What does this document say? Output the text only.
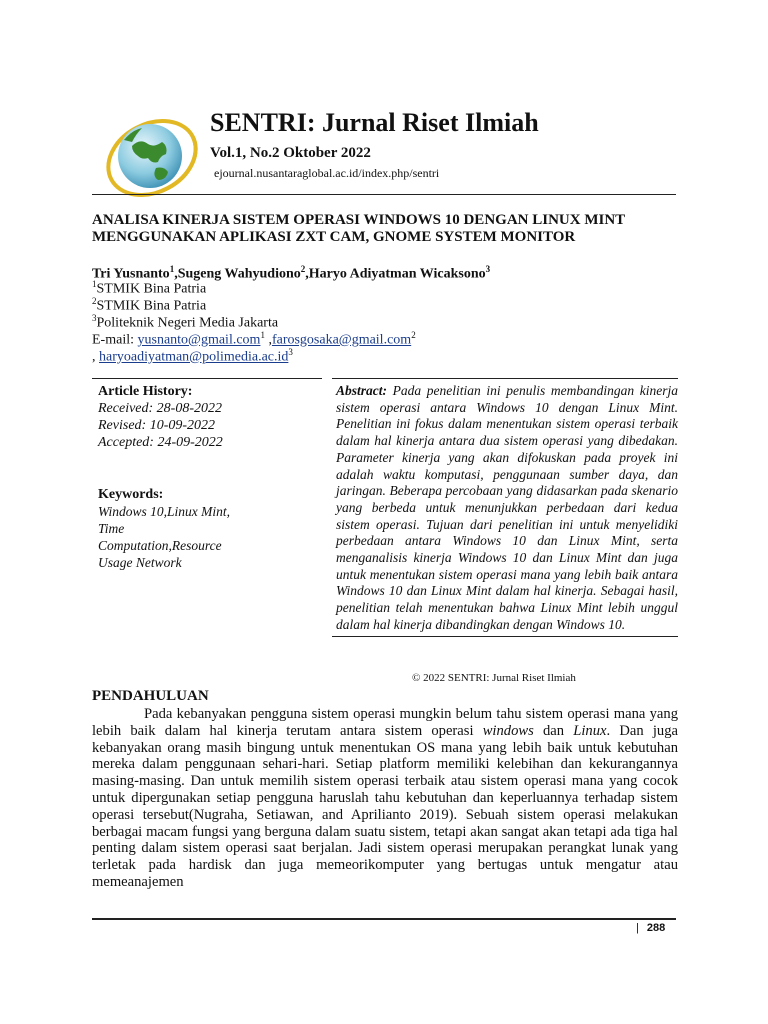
SENTRI: Jurnal Riset Ilmiah
Vol.1, No.2 Oktober 2022
ejournal.nusantaraglobal.ac.id/index.php/sentri
ANALISA KINERJA SISTEM OPERASI WINDOWS 10 DENGAN LINUX MINT
MENGGUNAKAN APLIKASI ZXT CAM, GNOME SYSTEM MONITOR
Tri Yusnanto$^1$,Sugeng Wahyudiono$^2$,Haryo Adiyatman Wicaksono$^3$
$^1$STMIK Bina Patria
$^2$STMIK Bina Patria
$^3$Politeknik Negeri Media Jakarta
E-mail: yusnanto@gmail.com$^1$ ,farosgosaka@gmail.com$^2$
, $haryoadiyatman@polimedia.ac.id^3$
Article History:
Received: 28-08-2022
Revised: 10-09-2022
Accepted: 24-09-2022
Keywords:
Windows 10,Linux Mint, Time Computation,Resource Usage Network
Abstract: Pada penelitian ini penulis membandingan kinerja sistem operasi antara Windows 10 dengan Linux Mint. Penelitian ini fokus dalam menentukan sistem operasi terbaik dalam hal kinerja antara dua sistem operasi yang dibedakan. Parameter kinerja yang akan difokuskan pada proyek ini adalah waktu komputasi, penggunaan sumber daya, dan jaringan. Beberapa percobaan yang didasarkan pada skenario yang berbeda untuk menunjukkan perbedaan dari kedua sistem operasi. Tujuan dari penelitian ini untuk menyelidiki perbedaan antara Windows 10 dan Linux Mint, serta menganalisis kinerja Windows 10 dan Linux Mint dan juga untuk menentukan sistem operasi mana yang lebih baik antara Windows 10 dan Linux Mint dalam hal kinerja. Sebagai hasil, penelitian telah menentukan bahwa Linux Mint lebih unggul dalam hal kinerja dibandingkan dengan Windows 10.
© 2022 SENTRI: Jurnal Riset Ilmiah
PENDAHULUAN
Pada kebanyakan pengguna sistem operasi mungkin belum tahu sistem operasi mana yang lebih baik dalam hal kinerja terutam antara sistem operasi windows dan Linux. Dan juga kebanyakan orang masih bingung untuk menentukan OS mana yang lebih baik untuk kebutuhan mereka dalam penggunaan sehari-hari. Setiap platform memiliki kelebihan dan kekurangannya masing-masing. Dan untuk memilih sistem operasi terbaik atau sistem operasi mana yang cocok untuk dipergunakan setiap pengguna haruslah tahu kebutuhan dan keperluannya terhadap sistem operasi tersebut(Nugraha, Setiawan, and Aprilianto 2019). Sebuah sistem operasi melakukan berbagai macam fungsi yang berguna dalam suatu sistem, tetapi akan sangat akan tetapi ada tiga hal penting dalam sistem operasi saat berjalan. Jadi sistem operasi merupakan perangkat lunak yang terletak pada hardisk dan juga memeorikomputer yang bertugas untuk mengatur atau memeanajemen
| 288
